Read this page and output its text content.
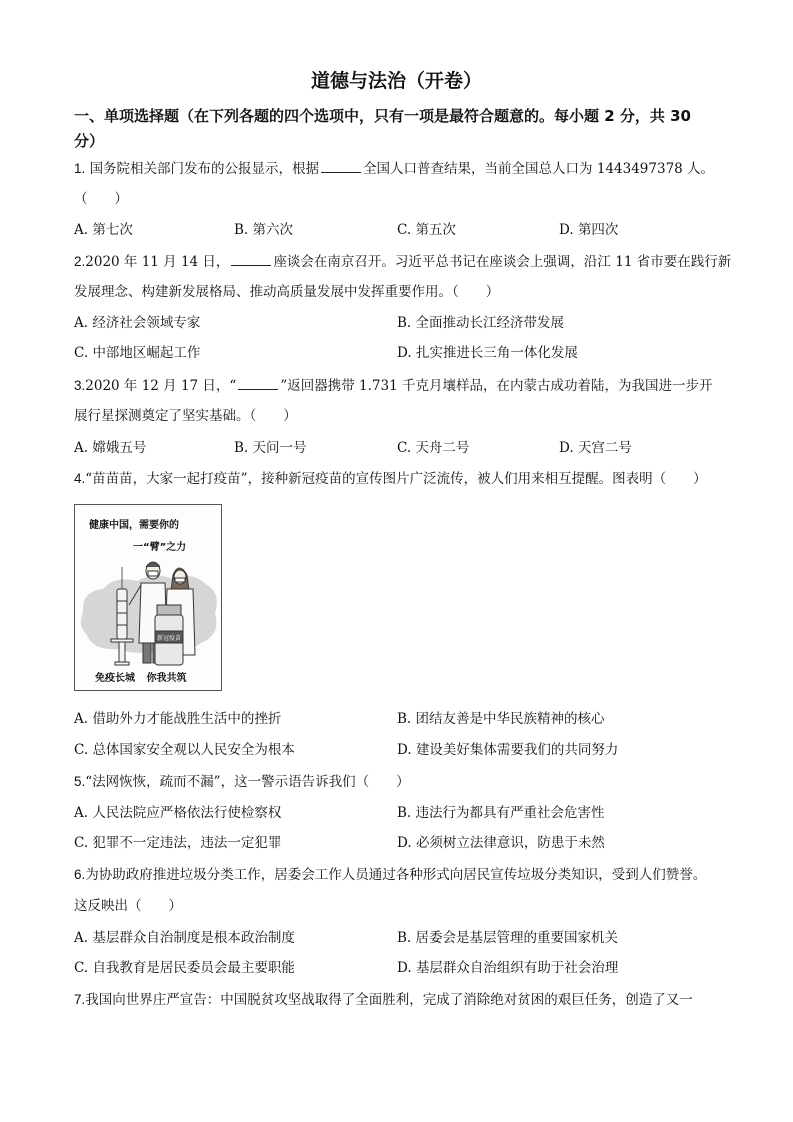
道德与法治（开卷）
一、单项选择题（在下列各题的四个选项中，只有一项是最符合题意的。每小题 2 分，共 30
分）
1. 国务院相关部门发布的公报显示，根据	全国人口普查结果，当前全国总人口为 1443497378 人。
（　　）
A. 第七次	B. 第六次	C. 第五次	D. 第四次
2.2020 年 11 月 14 日，	座谈会在南京召开。习近平总书记在座谈会上强调，沿江 11 省市要在践行新
发展理念、构建新发展格局、推动高质量发展中发挥重要作用。（　　）
A. 经济社会领域专家	B. 全面推动长江经济带发展
C. 中部地区崛起工作	D. 扎实推进长三角一体化发展
3.2020 年 12 月 17 日，“	”返回器携带 1.731 千克月壤样品，在内蒙古成功着陆，为我国进一步开
展行星探测奠定了坚实基础。（　　）
A. 嫦娥五号	B. 天问一号	C. 天舟二号	D. 天宫二号
4.“苗苗苗，大家一起打疫苗”，接种新冠疫苗的宣传图片广泛流传，被人们用来相互提醒。图表明（　　）
新冠疫苗
健康中国，需要你的
一“臂”之力
免疫长城 你我共筑
A. 借助外力才能战胜生活中的挫折	B. 团结友善是中华民族精神的核心
C. 总体国家安全观以人民安全为根本	D. 建设美好集体需要我们的共同努力
5.“法网恢恢，疏而不漏”，这一警示语告诉我们（　　）
A. 人民法院应严格依法行使检察权	B. 违法行为都具有严重社会危害性
C. 犯罪不一定违法，违法一定犯罪	D. 必须树立法律意识，防患于未然
6.为协助政府推进垃圾分类工作，居委会工作人员通过各种形式向居民宣传垃圾分类知识，受到人们赞誉。
这反映出（　　）
A. 基层群众自治制度是根本政治制度	B. 居委会是基层管理的重要国家机关
C. 自我教育是居民委员会最主要职能	D. 基层群众自治组织有助于社会治理
7.我国向世界庄严宣告：中国脱贫攻坚战取得了全面胜利，完成了消除绝对贫困的艰巨任务，创造了又一
